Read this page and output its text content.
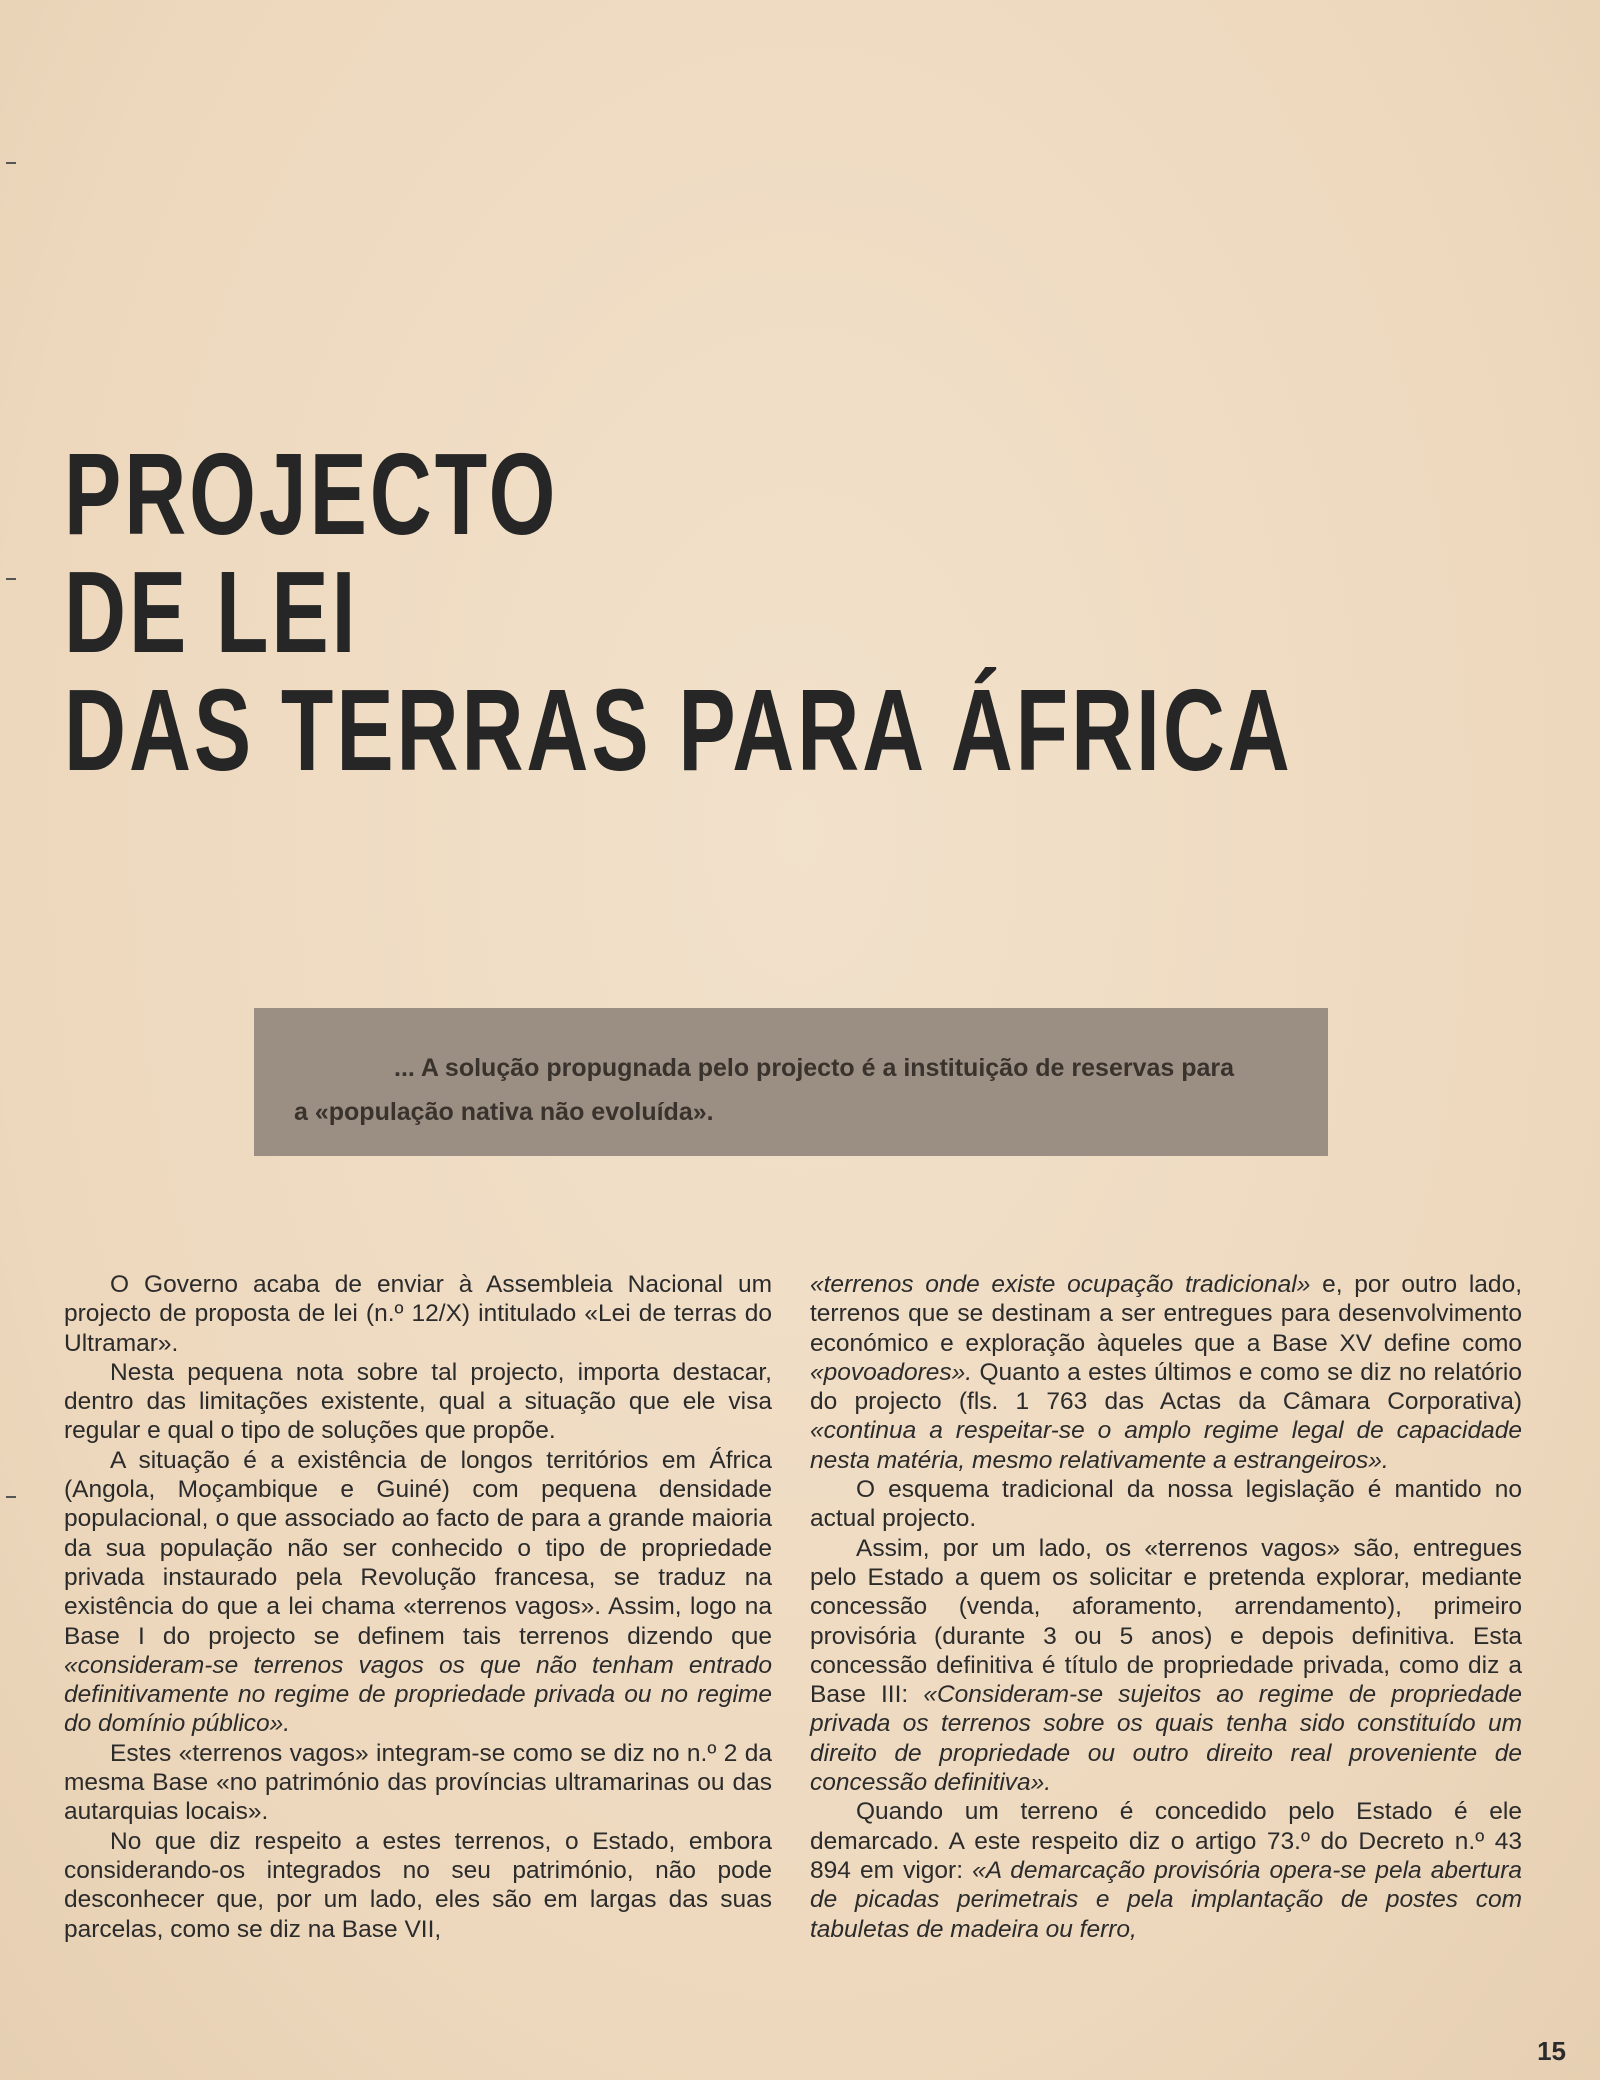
PROJECTO
DE LEI
DAS TERRAS PARA ÁFRICA
... A solução propugnada pelo projecto é a instituição de reservas para
a «população nativa não evoluída».

O Governo acaba de enviar à Assembleia Nacional um projecto de proposta de lei (n.º 12/X) intitulado «Lei de terras do Ultramar».

Nesta pequena nota sobre tal projecto, importa destacar, dentro das limitações existente, qual a situação que ele visa regular e qual o tipo de soluções que propõe.

A situação é a existência de longos territórios em África (Angola, Moçambique e Guiné) com pequena densidade populacional, o que associado ao facto de para a grande maioria da sua população não ser conhecido o tipo de propriedade privada instaurado pela Revolução francesa, se traduz na existência do que a lei chama «terrenos vagos». Assim, logo na Base I do projecto se definem tais terrenos dizendo que «consideram-se terrenos vagos os que não tenham entrado definitivamente no regime de propriedade privada ou no regime do domínio público».

Estes «terrenos vagos» integram-se como se diz no n.º 2 da mesma Base «no património das províncias ultramarinas ou das autarquias locais».

No que diz respeito a estes terrenos, o Estado, embora considerando-os integrados no seu património, não pode desconhecer que, por um lado, eles são em largas das suas parcelas, como se diz na Base VII,

«terrenos onde existe ocupação tradicional» e, por outro lado, terrenos que se destinam a ser entregues para desenvolvimento económico e exploração àqueles que a Base XV define como «povoadores». Quanto a estes últimos e como se diz no relatório do projecto (fls. 1 763 das Actas da Câmara Corporativa) «continua a respeitar-se o amplo regime legal de capacidade nesta matéria, mesmo relativamente a estrangeiros».

O esquema tradicional da nossa legislação é mantido no actual projecto.

Assim, por um lado, os «terrenos vagos» são, entregues pelo Estado a quem os solicitar e pretenda explorar, mediante concessão (venda, aforamento, arrendamento), primeiro provisória (durante 3 ou 5 anos) e depois definitiva. Esta concessão definitiva é título de propriedade privada, como diz a Base III: «Consideram-se sujeitos ao regime de propriedade privada os terrenos sobre os quais tenha sido constituído um direito de propriedade ou outro direito real proveniente de concessão definitiva».

Quando um terreno é concedido pelo Estado é ele demarcado. A este respeito diz o artigo 73.º do Decreto n.º 43 894 em vigor: «A demarcação provisória opera-se pela abertura de picadas perimetrais e pela implantação de postes com tabuletas de madeira ou ferro,

15
